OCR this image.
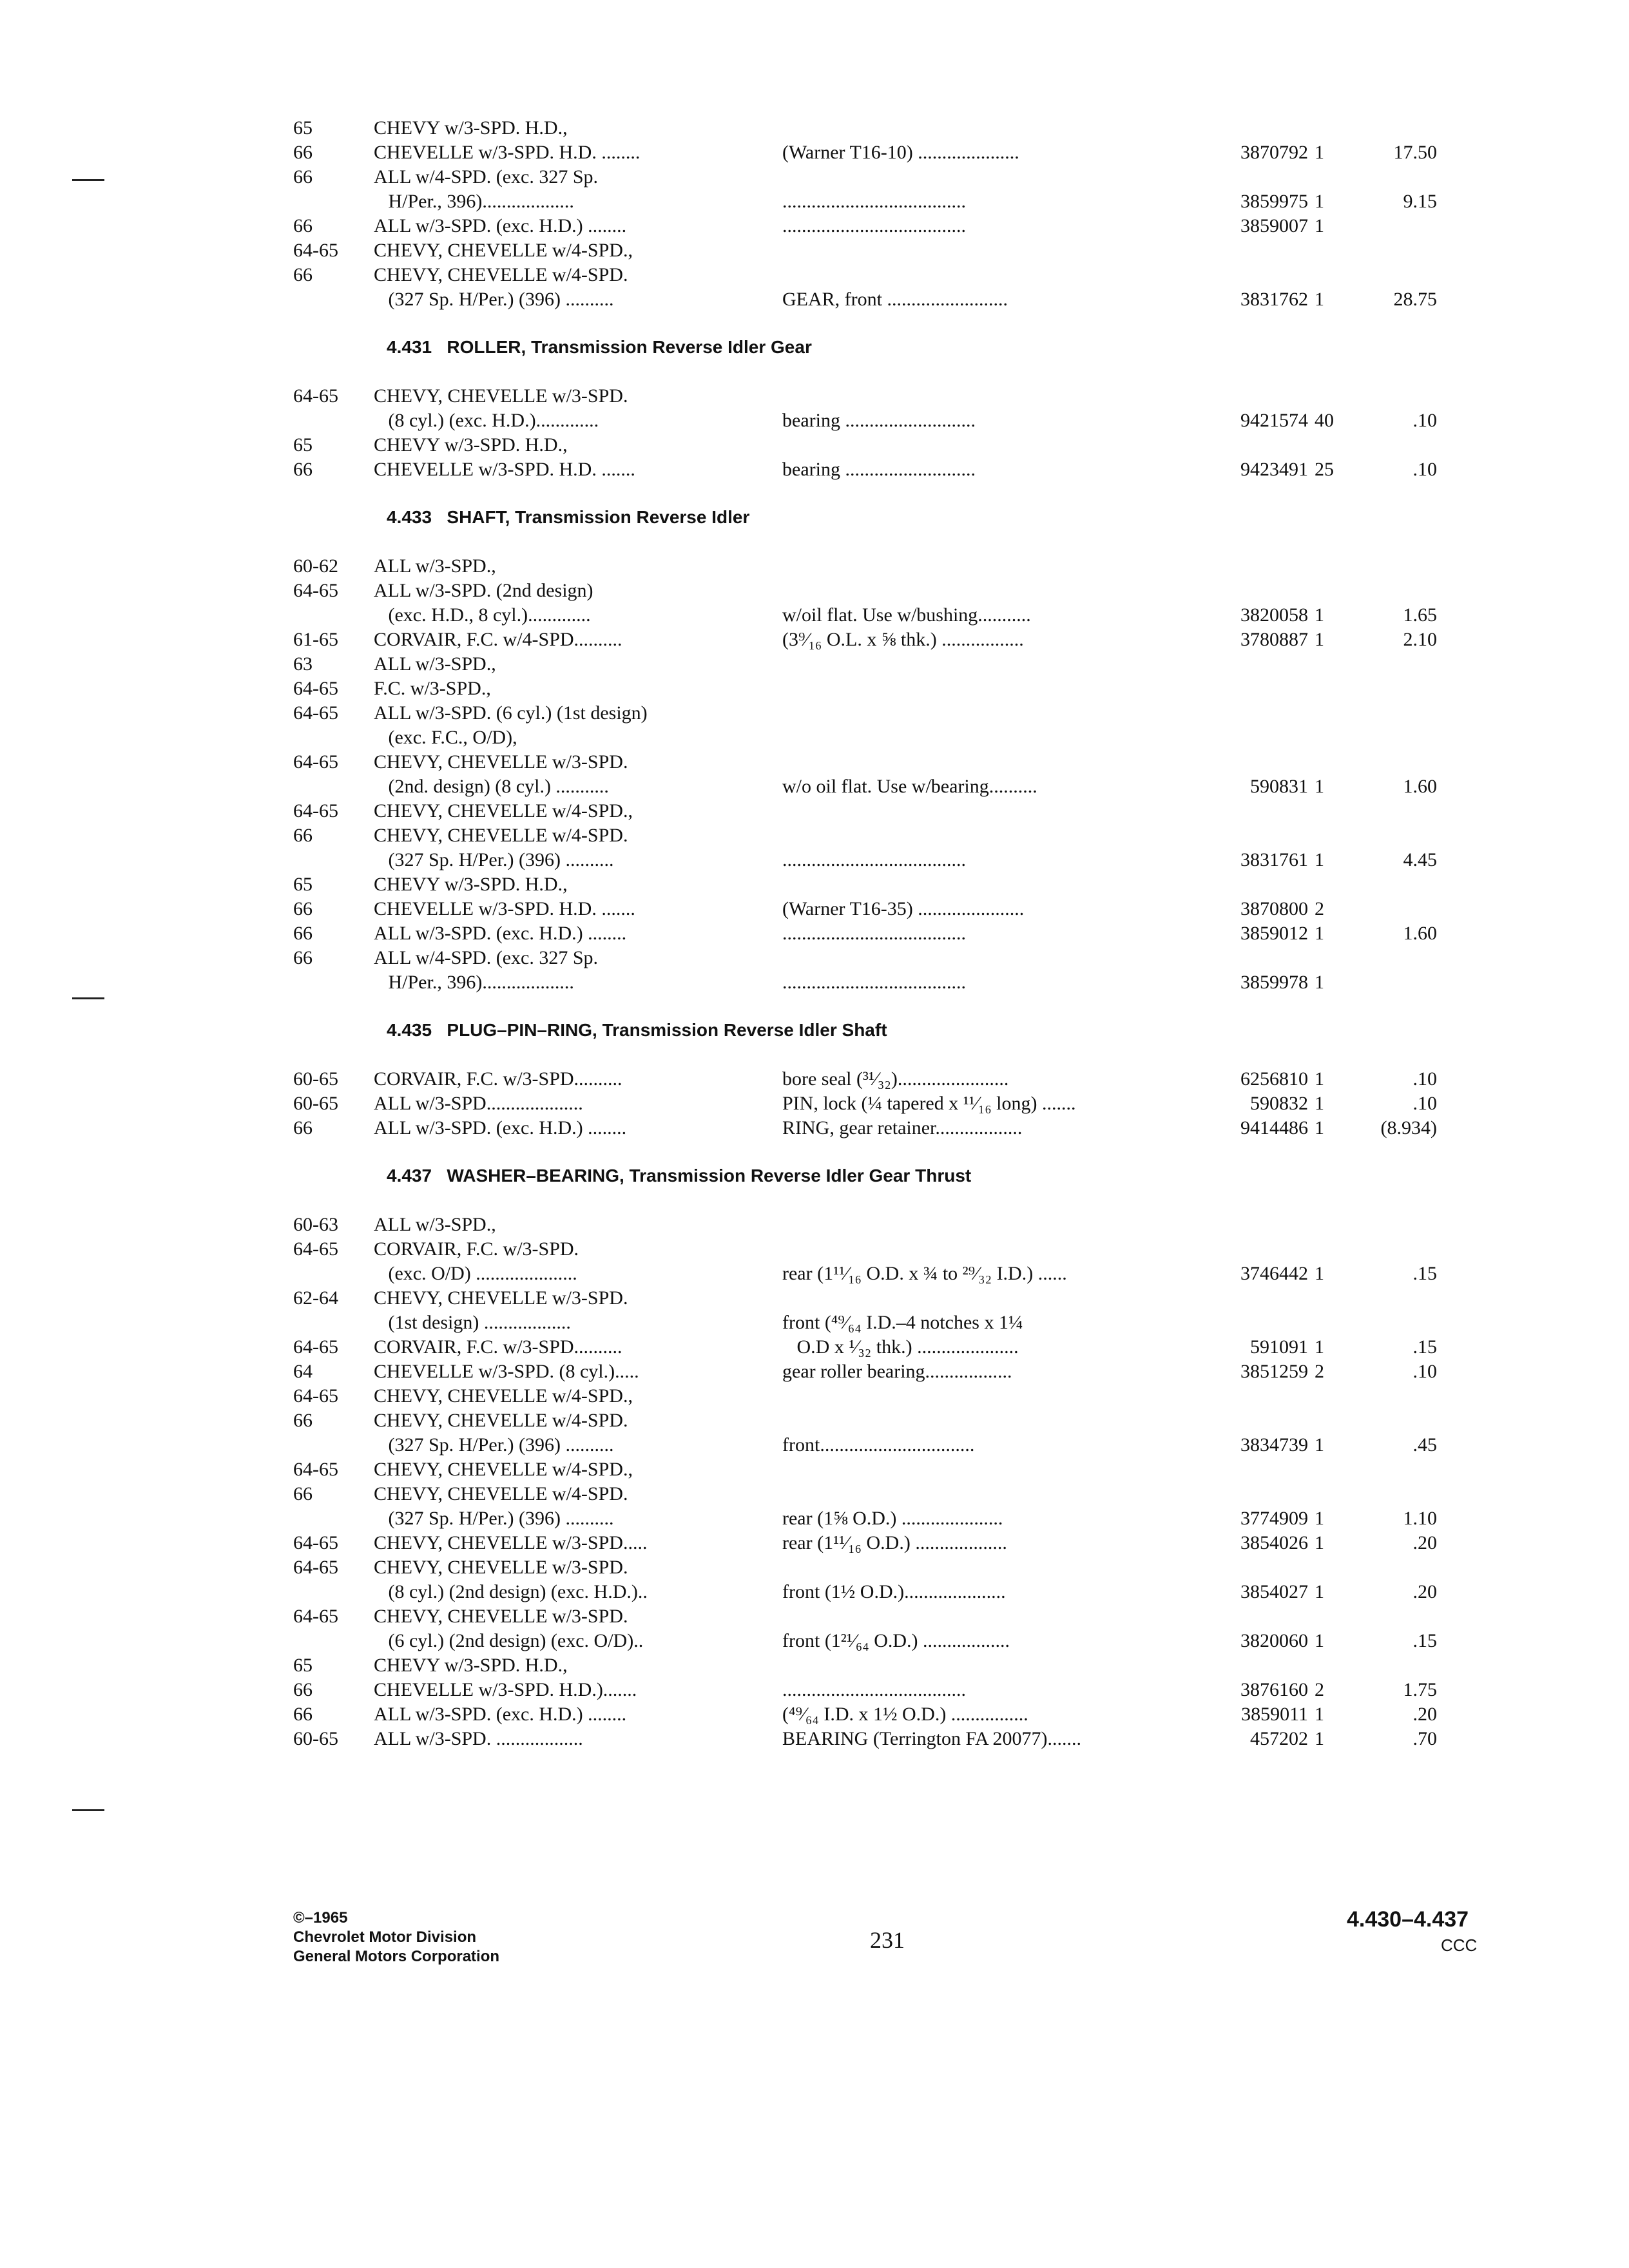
65	CHEVY w/3-SPD. H.D.,
66	CHEVELLE w/3-SPD. H.D. ........	(Warner T16-10) .....................	3870792 1	17.50
66	ALL w/4-SPD. (exc. 327 Sp.
H/Per., 396)...................	......................................	3859975 1	9.15
66	ALL w/3-SPD. (exc. H.D.) ........	......................................	3859007 1
64-65	CHEVY, CHEVELLE w/4-SPD.,
66	CHEVY, CHEVELLE w/4-SPD.
(327 Sp. H/Per.) (396) ..........	GEAR, front .........................	3831762 1	28.75
4.431   ROLLER, Transmission Reverse Idler Gear
64-65	CHEVY, CHEVELLE w/3-SPD.
(8 cyl.) (exc. H.D.).............	bearing ...........................	9421574 40	.10
65	CHEVY w/3-SPD. H.D.,
66	CHEVELLE w/3-SPD. H.D. .......	bearing ...........................	9423491 25	.10
4.433   SHAFT, Transmission Reverse Idler
60-62	ALL w/3-SPD.,
64-65	ALL w/3-SPD. (2nd design)
(exc. H.D., 8 cyl.).............	w/oil flat. Use w/bushing...........	3820058 1	1.65
61-65	CORVAIR, F.C. w/4-SPD..........	(3⁹⁄₁₆ O.L. x ⅝ thk.) .................	3780887 1	2.10
63	ALL w/3-SPD.,
64-65	F.C. w/3-SPD.,
64-65	ALL w/3-SPD. (6 cyl.) (1st design)
(exc. F.C., O/D),
64-65	CHEVY, CHEVELLE w/3-SPD.
(2nd. design) (8 cyl.) ...........	w/o oil flat. Use w/bearing..........	590831 1	1.60
64-65	CHEVY, CHEVELLE w/4-SPD.,
66	CHEVY, CHEVELLE w/4-SPD.
(327 Sp. H/Per.) (396) ..........	......................................	3831761 1	4.45
65	CHEVY w/3-SPD. H.D.,
66	CHEVELLE w/3-SPD. H.D. .......	(Warner T16-35) ......................	3870800 2
66	ALL w/3-SPD. (exc. H.D.) ........	......................................	3859012 1	1.60
66	ALL w/4-SPD. (exc. 327 Sp.
H/Per., 396)...................	......................................	3859978 1
4.435   PLUG–PIN–RING, Transmission Reverse Idler Shaft
60-65	CORVAIR, F.C. w/3-SPD..........	bore seal (³¹⁄₃₂).......................	6256810 1	.10
60-65	ALL w/3-SPD....................	PIN, lock (¼ tapered x ¹¹⁄₁₆ long) .......	590832 1	.10
66	ALL w/3-SPD. (exc. H.D.) ........	RING, gear retainer..................	9414486 1	(8.934)
4.437   WASHER–BEARING, Transmission Reverse Idler Gear Thrust
60-63	ALL w/3-SPD.,
64-65	CORVAIR, F.C. w/3-SPD.
(exc. O/D) .....................	rear (1¹¹⁄₁₆ O.D. x ¾ to ²⁹⁄₃₂ I.D.) ......	3746442 1	.15
62-64	CHEVY, CHEVELLE w/3-SPD.
(1st design) ..................	front (⁴⁹⁄₆₄ I.D.–4 notches x 1¼
64-65	CORVAIR, F.C. w/3-SPD..........	O.D x ¹⁄₃₂ thk.) .....................	591091 1	.15
64	CHEVELLE w/3-SPD. (8 cyl.).....	gear roller bearing..................	3851259 2	.10
64-65	CHEVY, CHEVELLE w/4-SPD.,
66	CHEVY, CHEVELLE w/4-SPD.
(327 Sp. H/Per.) (396) ..........	front................................	3834739 1	.45
64-65	CHEVY, CHEVELLE w/4-SPD.,
66	CHEVY, CHEVELLE w/4-SPD.
(327 Sp. H/Per.) (396) ..........	rear (1⅝ O.D.) .....................	3774909 1	1.10
64-65	CHEVY, CHEVELLE w/3-SPD.....	rear (1¹¹⁄₁₆ O.D.) ...................	3854026 1	.20
64-65	CHEVY, CHEVELLE w/3-SPD.
(8 cyl.) (2nd design) (exc. H.D.)..	front (1½ O.D.).....................	3854027 1	.20
64-65	CHEVY, CHEVELLE w/3-SPD.
(6 cyl.) (2nd design) (exc. O/D)..	front (1²¹⁄₆₄ O.D.) ..................	3820060 1	.15
65	CHEVY w/3-SPD. H.D.,
66	CHEVELLE w/3-SPD. H.D.).......	......................................	3876160 2	1.75
66	ALL w/3-SPD. (exc. H.D.) ........	(⁴⁹⁄₆₄ I.D. x 1½ O.D.) ................	3859011 1	.20
60-65	ALL w/3-SPD. ..................	BEARING (Terrington FA 20077).......	457202 1	.70
©–1965
Chevrolet Motor Division
General Motors Corporation
231
4.430–4.437
CCC
